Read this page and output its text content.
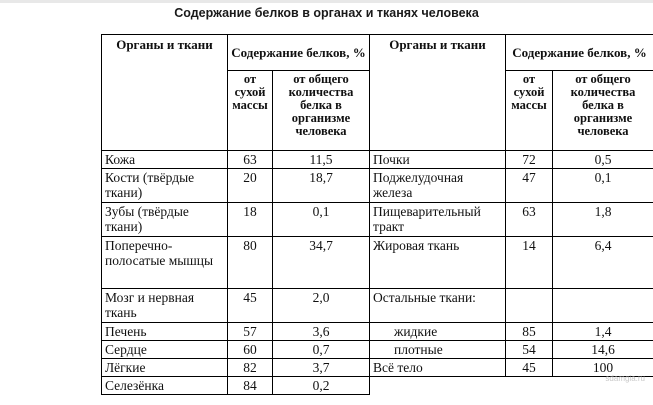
Содержание белков в органах и тканях человека
Органы и ткани	Содержание белков, %		Органы и ткани	Содержание белков, %	
	от сухой массы	от общего количества белка в организме человека		от сухой массы	от общего количества белка в организме человека
Кожа	63	11,5	Почки	72	0,5
Кости (твёрдые ткани)	20	18,7	Поджелудочная железа	47	0,1
Зубы (твёрдые ткани)	18	0,1	Пищеварительный тракт	63	1,8
Поперечно-полосатые мышцы	80	34,7	Жировая ткань	14	6,4
Мозг и нервная ткань	45	2,0	Остальные ткани:		
Печень	57	3,6	жидкие	85	1,4
Сердце	60	0,7	плотные	54	14,6
Лёгкие	82	3,7	Всё тело	45	100
Селезёнка	84	0,2				sdamgia.ru
